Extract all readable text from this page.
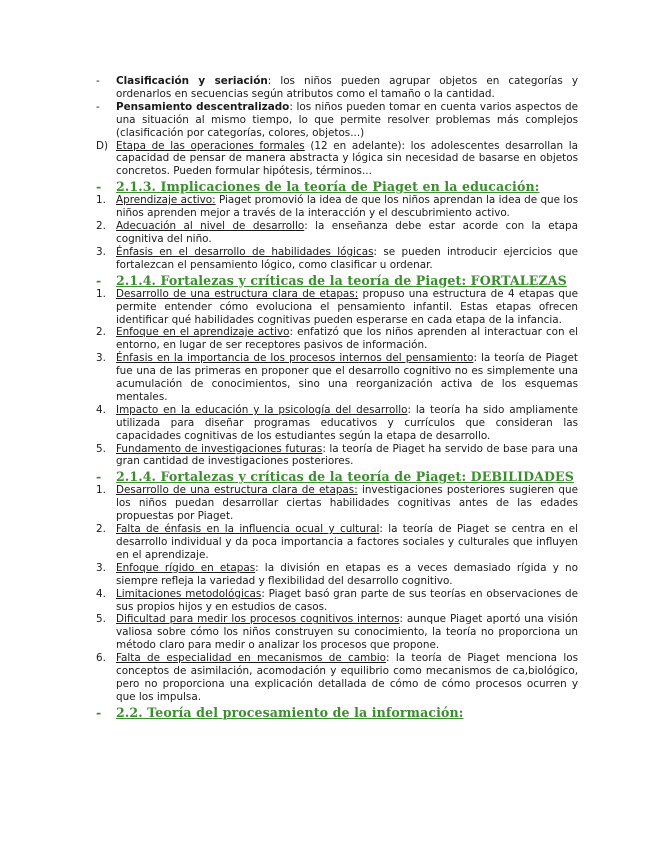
-	Clasificación y seriación: los niños pueden agrupar objetos en categorías y ordenarlos en secuencias según atributos como el tamaño o la cantidad.
-	Pensamiento descentralizado: los niños pueden tomar en cuenta varios aspectos de una situación al mismo tiempo, lo que permite resolver problemas más complejos (clasificación por categorías, colores, objetos...)
D) Etapa de las operaciones formales (12 en adelante): los adolescentes desarrollan la capacidad de pensar de manera abstracta y lógica sin necesidad de basarse en objetos concretos. Pueden formular hipótesis, términos...
-	2.1.3. Implicaciones de la teoría de Piaget en la educación:
1. Aprendizaje activo: Piaget promovió la idea de que los niños aprendan la idea de que los niños aprenden mejor a través de la interacción y el descubrimiento activo.
2. Adecuación al nivel de desarrollo: la enseñanza debe estar acorde con la etapa cognitiva del niño.
3. Énfasis en el desarrollo de habilidades lógicas: se pueden introducir ejercicios que fortalezcan el pensamiento lógico, como clasificar u ordenar.
-	2.1.4. Fortalezas y críticas de la teoría de Piaget: FORTALEZAS
1. Desarrollo de una estructura clara de etapas: propuso una estructura de 4 etapas que permite entender cómo evoluciona el pensamiento infantil. Estas etapas ofrecen identificar qué habilidades cognitivas pueden esperarse en cada etapa de la infancia.
2. Enfoque en el aprendizaje activo: enfatizó que los niños aprenden al interactuar con el entorno, en lugar de ser receptores pasivos de información.
3. Énfasis en la importancia de los procesos internos del pensamiento: la teoría de Piaget fue una de las primeras en proponer que el desarrollo cognitivo no es simplemente una acumulación de conocimientos, sino una reorganización activa de los esquemas mentales.
4. Impacto en la educación y la psicología del desarrollo: la teoría ha sido ampliamente utilizada para diseñar programas educativos y currículos que consideran las capacidades cognitivas de los estudiantes según la etapa de desarrollo.
5. Fundamento de investigaciones futuras: la teoría de Piaget ha servido de base para una gran cantidad de investigaciones posteriores.
-	2.1.4. Fortalezas y críticas de la teoría de Piaget: DEBILIDADES
1. Desarrollo de una estructura clara de etapas: investigaciones posteriores sugieren que los niños puedan desarrollar ciertas habilidades cognitivas antes de las edades propuestas por Piaget.
2. Falta de énfasis en la influencia ocual y cultural: la teoría de Piaget se centra en el desarrollo individual y da poca importancia a factores sociales y culturales que influyen en el aprendizaje.
3. Enfoque rígido en etapas: la división en etapas es a veces demasiado rígida y no siempre refleja la variedad y flexibilidad del desarrollo cognitivo.
4. Limitaciones metodológicas: Piaget basó gran parte de sus teorías en observaciones de sus propios hijos y en estudios de casos.
5. Dificultad para medir los procesos cognitivos internos: aunque Piaget aportó una visión valiosa sobre cómo los niños construyen su conocimiento, la teoría no proporciona un método claro para medir o analizar los procesos que propone.
6. Falta de especialidad en mecanismos de cambio: la teoría de Piaget menciona los conceptos de asimilación, acomodación y equilibrio como mecanismos de ca,biológico, pero no proporciona una explicación detallada de cómo de cómo procesos ocurren y que los impulsa.
-	2.2. Teoría del procesamiento de la información:
